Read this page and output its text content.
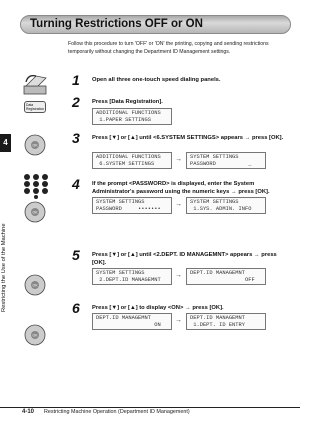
4
Restricting the Use of the Machine
Turning Restrictions OFF or ON
Follow this procedure to turn 'OFF' or 'ON' the printing, copying and sending restrictions temporarily without changing the Department ID Management settings.
Data
Registration
OK
OK
OK
OK
1 Open all three one-touch speed dialing panels.
2 Press [Data Registration].
ADDITIONAL FUNCTIONS
1.PAPER SETTINGS
3 Press [▼] or [▲] until <6.SYSTEM SETTINGS> appears → press [OK].
ADDITIONAL FUNCTIONS
6.SYSTEM SETTINGS
→	SYSTEM SETTINGS
PASSWORD          _
4 If the prompt <PASSWORD> is displayed, enter the System Administrator's password using the numeric keys → press [OK].
SYSTEM SETTINGS
PASSWORD     •••••••
→	SYSTEM SETTINGS
1.SYS. ADMIN. INFO
5 Press [▼] or [▲] until <2.DEPT. ID MANAGEMNT> appears → press [OK].
SYSTEM SETTINGS
2.DEPT.ID MANAGEMNT
→	DEPT.ID MANAGEMNT
OFF
6 Press [▼] or [▲] to display <ON> → press [OK].
DEPT.ID MANAGEMNT
ON
→	DEPT.ID MANAGEMNT
1.DEPT. ID ENTRY
4-10 Restricting Machine Operation (Department ID Management)
